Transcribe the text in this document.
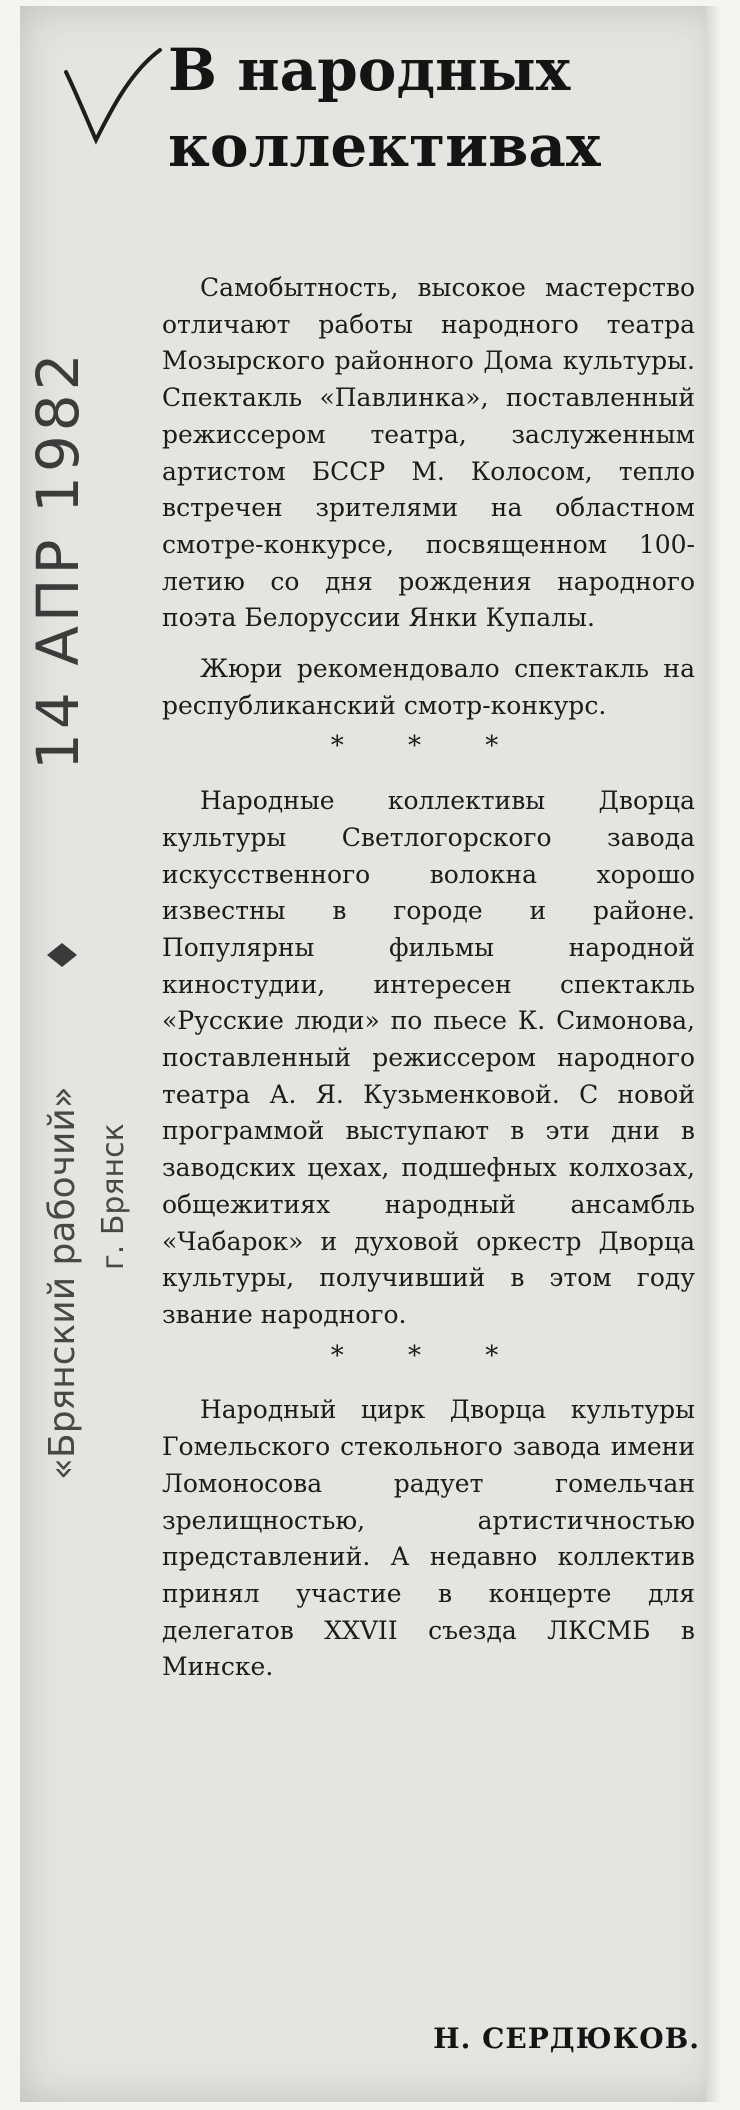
14 АПР 1982
«Брянский рабочий» г. Брянск
В народных коллективах

Самобытность, высокое мастерство отличают работы народного театра Мозырского районного Дома культуры. Спектакль «Павлинка», поставленный режиссером театра, заслуженным артистом БССР М. Колосом, тепло встречен зрителями на областном смотре-конкурсе, посвященном 100-летию со дня рождения народного поэта Белоруссии Янки Купалы.

Жюри рекомендовало спектакль на республиканский смотр-конкурс.

* * *

Народные коллективы Дворца культуры Светлогорского завода искусственного волокна хорошо известны в городе и районе. Популярны фильмы народной киностудии, интересен спектакль «Русские люди» по пьесе К. Симонова, поставленный режиссером народного театра А. Я. Кузьменковой. С новой программой выступают в эти дни в заводских цехах, подшефных колхозах, общежитиях народный ансамбль «Чабарок» и духовой оркестр Дворца культуры, получивший в этом году звание народного.

* * *

Народный цирк Дворца культуры Гомельского стекольного завода имени Ломоносова радует гомельчан зрелищностью, артистичностью представлений. А недавно коллектив принял участие в концерте для делегатов XXVII съезда ЛКСМБ в Минске.

Н. СЕРДЮКОВ.
